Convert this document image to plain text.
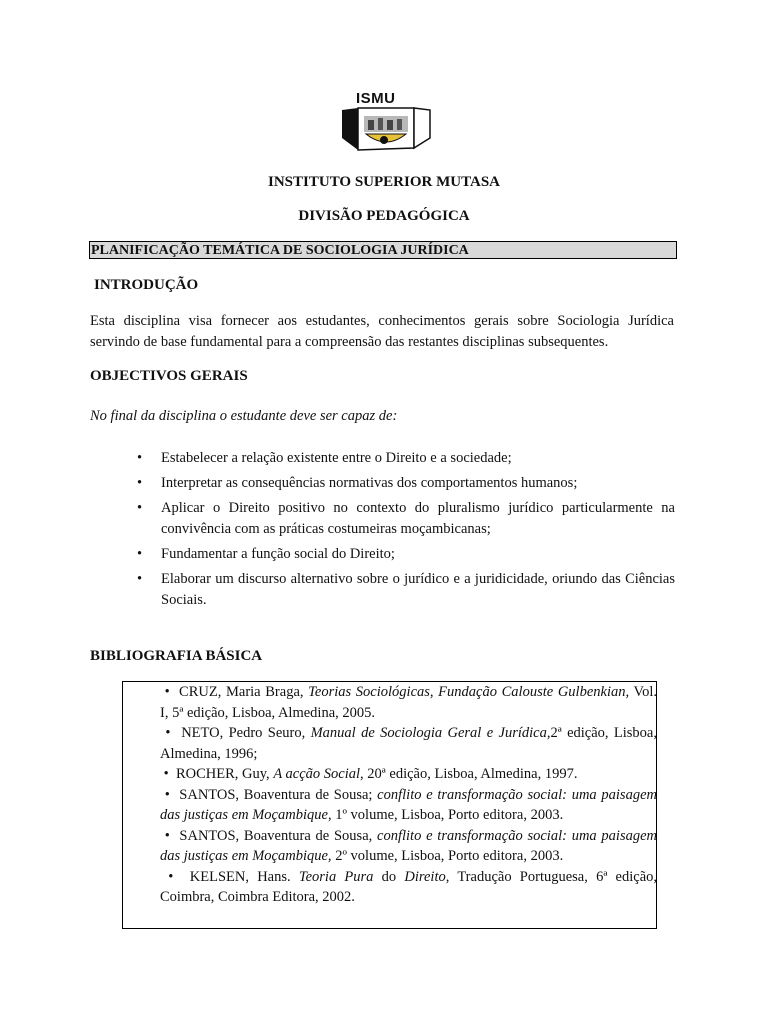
ISMU
INSTITUTO SUPERIOR MUTASA
DIVISÃO PEDAGÓGICA
PLANIFICAÇÃO TEMÁTICA DE SOCIOLOGIA JURÍDICA
INTRODUÇÃO
Esta disciplina visa fornecer aos estudantes, conhecimentos gerais sobre Sociologia Jurídica servindo de base fundamental para a compreensão das restantes disciplinas subsequentes.
OBJECTIVOS GERAIS
No final da disciplina o estudante deve ser capaz de:
• Estabelecer a relação existente entre o Direito e a sociedade;
• Interpretar as consequências normativas dos comportamentos humanos;
• Aplicar o Direito positivo no contexto do pluralismo jurídico particularmente na convivência com as práticas costumeiras moçambicanas;
• Fundamentar a função social do Direito;
• Elaborar um discurso alternativo sobre o jurídico e a juridicidade, oriundo das Ciências Sociais.
BIBLIOGRAFIA BÁSICA

• CRUZ, Maria Braga, Teorias Sociológicas, Fundação Calouste Gulbenkian, Vol. I, 5ª edição, Lisboa, Almedina, 2005.

• NETO, Pedro Seuro, Manual de Sociologia Geral e Jurídica,2ª edição, Lisboa, Almedina, 1996;

• ROCHER, Guy, A acção Social, 20ª edição, Lisboa, Almedina, 1997.

• SANTOS, Boaventura de Sousa; conflito e transformação social: uma paisagem das justiças em Moçambique, 1º volume, Lisboa, Porto editora, 2003.

• SANTOS, Boaventura de Sousa, conflito e transformação social: uma paisagem das justiças em Moçambique, 2º volume, Lisboa, Porto editora, 2003.

• KELSEN, Hans. Teoria Pura do Direito, Tradução Portuguesa, 6ª edição, Coimbra, Coimbra Editora, 2002.
